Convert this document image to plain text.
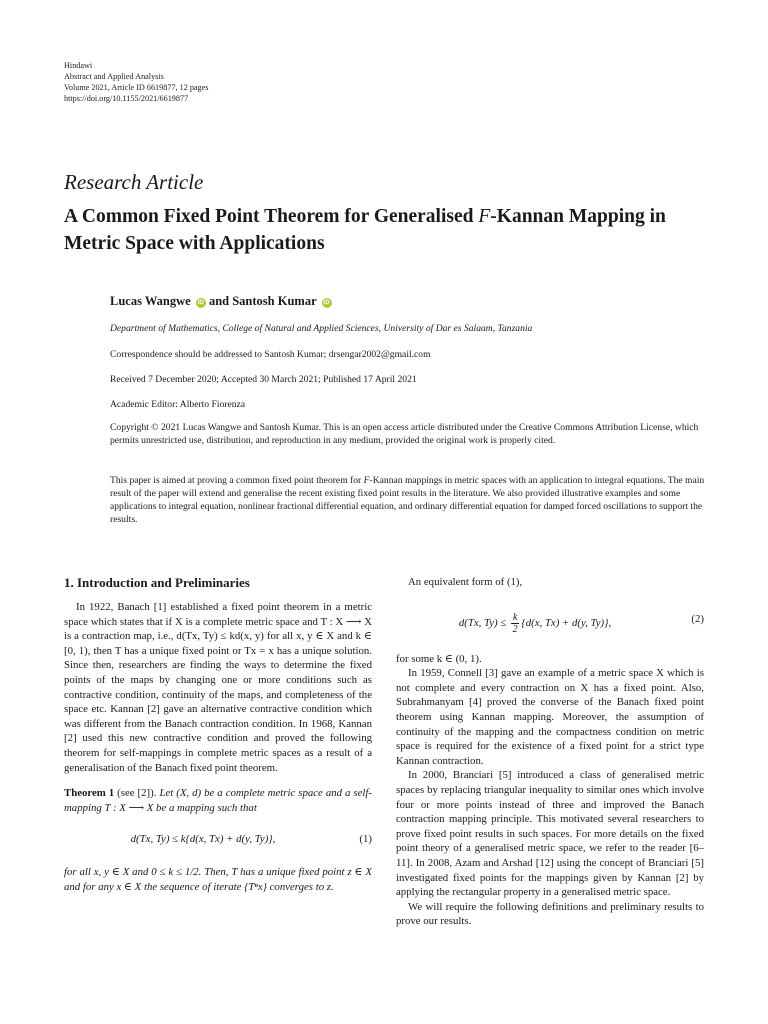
Hindawi
Abstract and Applied Analysis
Volume 2021, Article ID 6619877, 12 pages
https://doi.org/10.1155/2021/6619877
Research Article
A Common Fixed Point Theorem for Generalised F-Kannan Mapping in Metric Space with Applications
Lucas Wangwe iD and Santosh Kumar iD
Department of Mathematics, College of Natural and Applied Sciences, University of Dar es Salaam, Tanzania
Correspondence should be addressed to Santosh Kumar; drsengar2002@gmail.com
Received 7 December 2020; Accepted 30 March 2021; Published 17 April 2021
Academic Editor: Alberto Fiorenza
Copyright © 2021 Lucas Wangwe and Santosh Kumar. This is an open access article distributed under the Creative Commons Attribution License, which permits unrestricted use, distribution, and reproduction in any medium, provided the original work is properly cited.
This paper is aimed at proving a common fixed point theorem for F-Kannan mappings in metric spaces with an application to integral equations. The main result of the paper will extend and generalise the recent existing fixed point results in the literature. We also provided illustrative examples and some applications to integral equation, nonlinear fractional differential equation, and ordinary differential equation for damped forced oscillations to support the results.
1. Introduction and Preliminaries

In 1922, Banach [1] established a fixed point theorem in a metric space which states that if X is a complete metric space and T : X ⟶ X is a contraction map, i.e., d(Tx, Ty) ≤ kd(x, y) for all x, y ∈ X and k ∈ [0, 1), then T has a unique fixed point or Tx = x has a unique solution. Since then, researchers are finding the ways to determine the fixed points of the maps by changing one or more conditions such as contractive condition, continuity of the maps, and completeness of the space etc. Kannan [2] gave an alternative contractive condition which was different from the Banach contraction condition. In 1968, Kannan [2] used this new contractive condition and proved the following theorem for self-mappings in complete metric spaces as a result of a generalisation of the Banach fixed point theorem.

Theorem 1 (see [2]). Let (X, d) be a complete metric space and a self-mapping T : X ⟶ X be a mapping such that

d(Tx, Ty) ≤ k{d(x, Tx) + d(y, Ty)},	(1)

for all x, y ∈ X and 0 ≤ k ≤ 1/2. Then, T has a unique fixed point z ∈ X and for any x ∈ X the sequence of iterate {Tⁿx} converges to z.

An equivalent form of (1),

d(Tx, $Ty) \le \frac{k}{2} \{d(x$, Tx) + d(y, Ty)},	(2)

for some k ∈ (0, 1).

In 1959, Connell [3] gave an example of a metric space X which is not complete and every contraction on X has a fixed point. Also, Subrahmanyam [4] proved the converse of the Banach fixed point theorem using Kannan mapping. Moreover, the assumption of continuity of the mapping and the compactness condition on metric space is required for the existence of a fixed point for a strict type Kannan contraction.

In 2000, Branciari [5] introduced a class of generalised metric spaces by replacing triangular inequality to similar ones which involve four or more points instead of three and improved the Banach contraction mapping principle. This motivated several researchers to prove fixed point results in such spaces. For more details on the fixed point theory of a generalised metric space, we refer to the reader [6–11]. In 2008, Azam and Arshad [12] using the concept of Branciari [5] investigated fixed points for the mappings given by Kannan [2] by applying the rectangular property in a generalised metric space.

We will require the following definitions and preliminary results to prove our results.
